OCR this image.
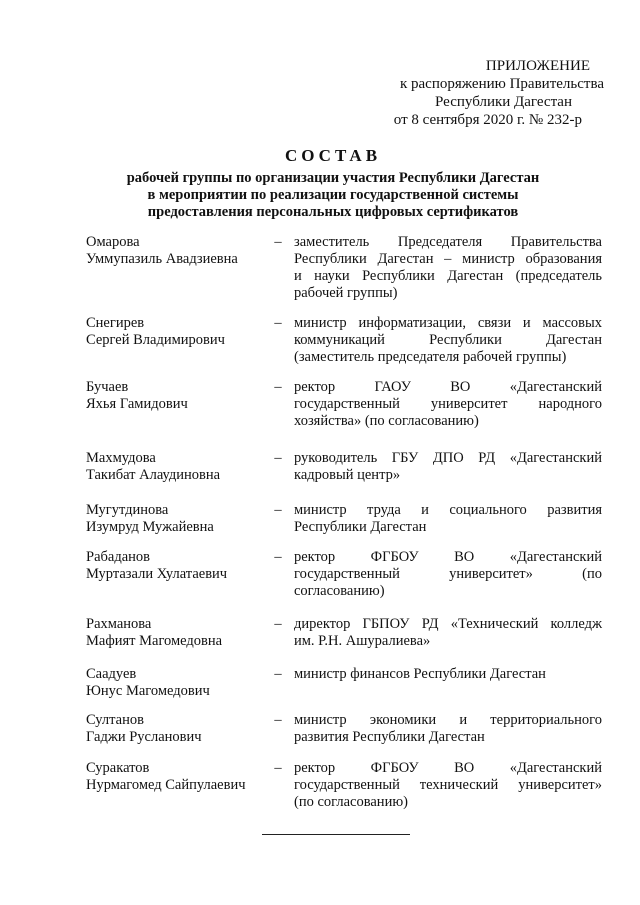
ПРИЛОЖЕНИЕ
к распоряжению Правительства
Республики Дагестан
от 8 сентября 2020 г. № 232-р
СОСТАВ
рабочей группы по организации участия Республики Дагестан
в мероприятии по реализации государственной системы
предоставления персональных цифровых сертификатов
Омарова
Уммупазиль Авадзиевна
– заместитель Председателя Правительства
Республики Дагестан – министр образования
и науки Республики Дагестан (председатель
рабочей группы)
Снегирев
Сергей Владимирович
– министр информатизации, связи и массовых
коммуникаций Республики Дагестан
(заместитель председателя рабочей группы)
Бучаев
Яхья Гамидович
– ректор ГАОУ ВО «Дагестанский
государственный университет народного
хозяйства» (по согласованию)
Махмудова
Такибат Алаудиновна
– руководитель ГБУ ДПО РД «Дагестанский
кадровый центр»
Мугутдинова
Изумруд Мужайевна
– министр труда и социального развития
Республики Дагестан
Рабаданов
Муртазали Хулатаевич
– ректор ФГБОУ ВО «Дагестанский
государственный университет» (по
согласованию)
Рахманова
Мафият Магомедовна
– директор ГБПОУ РД «Технический колледж
им. Р.Н. Ашуралиева»
Саадуев
Юнус Магомедович
– министр финансов Республики Дагестан
Султанов
Гаджи Русланович
– министр экономики и территориального
развития Республики Дагестан
Суракатов
Нурмагомед Сайпулаевич
– ректор ФГБОУ ВО «Дагестанский
государственный технический университет»
(по согласованию)
